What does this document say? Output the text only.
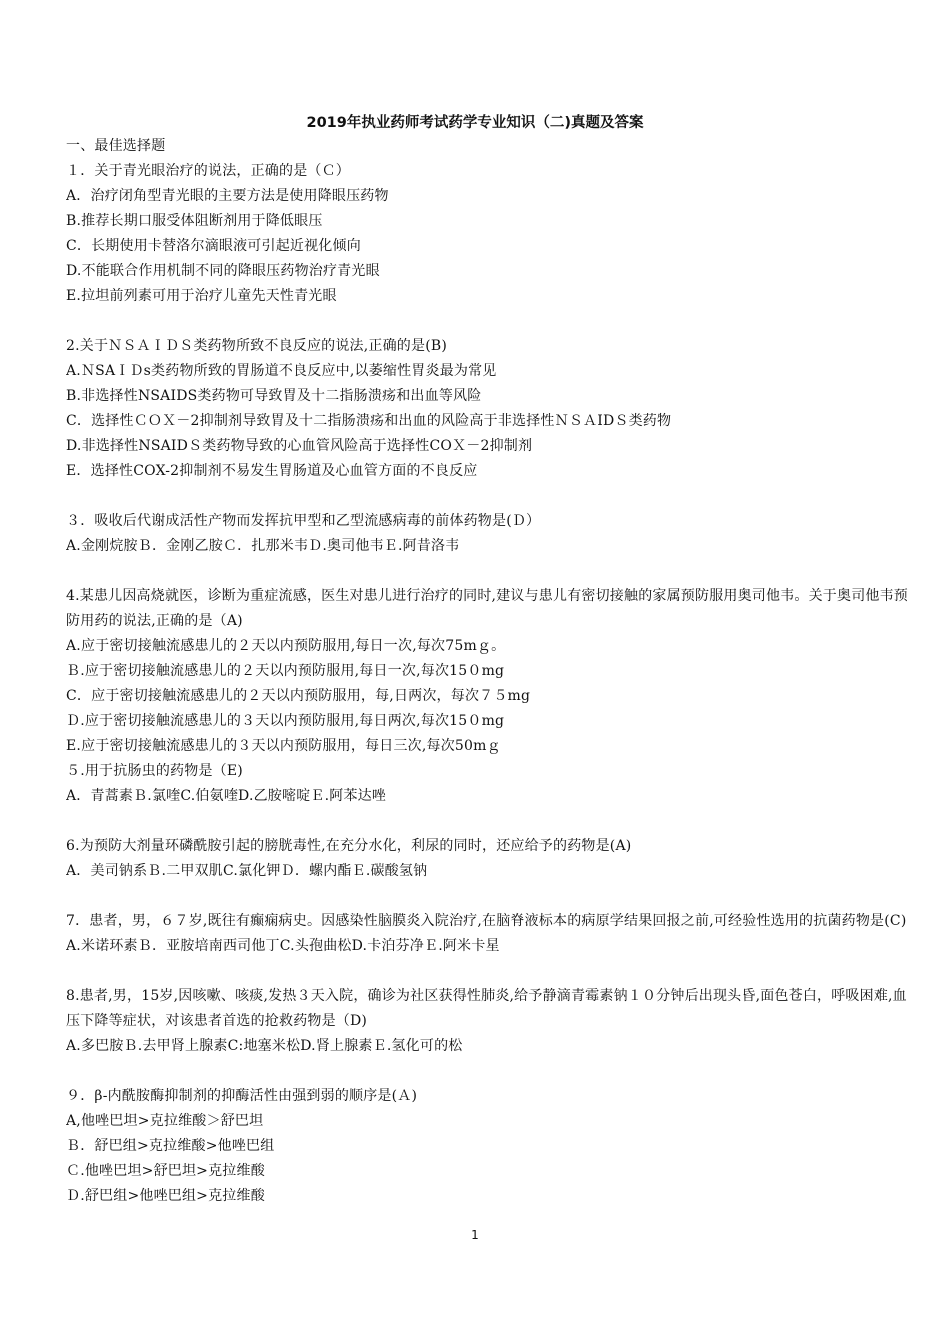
2019年执业药师考试药学专业知识（二)真题及答案
一、最佳选择题
１．关于青光眼治疗的说法，正确的是（Ｃ）
A．治疗闭角型青光眼的主要方法是使用降眼压药物
B.推荐长期口服受体阻断剂用于降低眼压
C．长期使用卡替洛尔滴眼液可引起近视化倾向
D.不能联合作用机制不同的降眼压药物治疗青光眼
E.拉坦前列素可用于治疗儿童先天性青光眼
2.关于ＮＳＡＩＤＳ类药物所致不良反应的说法,正确的是(B)
A.ＮSAＩＤs类药物所致的胃肠道不良反应中,以萎缩性胃炎最为常见
B.非选择性NSAIDS类药物可导致胃及十二指肠溃疡和出血等风险
C．选择性ＣＯＸ－2抑制剂导致胃及十二指肠溃疡和出血的风险高于非选择性ＮＳＡIDＳ类药物
D.非选择性NSAIDＳ类药物导致的心血管风险高于选择性COＸ－2抑制剂
E．选择性COX-2抑制剂不易发生胃肠道及心血管方面的不良反应
３．吸收后代谢成活性产物而发挥抗甲型和乙型流感病毒的前体药物是(Ｄ）
A.金刚烷胺Ｂ．金刚乙胺Ｃ．扎那米韦Ｄ.奥司他韦Ｅ.阿昔洛韦
4.某患儿因高烧就医，诊断为重症流感，医生对患儿进行治疗的同时,建议与患儿有密切接触的家属预防服用奥司他韦。关于奥司他韦预防用药的说法,正确的是（A)
A.应于密切接触流感患儿的２天以内预防服用,每日一次,每次75mｇ。
Ｂ.应于密切接触流感患儿的２天以内预防服用,每日一次,每次15０mg
C．应于密切接触流感患儿的２天以内预防服用，每,日两次，每次７５mg
Ｄ.应于密切接触流感患儿的３天以内预防服用,每日两次,每次15０mg
E.应于密切接触流感患儿的３天以内预防服用，每日三次,每次50mｇ
５.用于抗肠虫的药物是（E)
A．青蒿素Ｂ.氯喹C.伯氨喹D.乙胺嘧啶Ｅ.阿苯达唑
6.为预防大剂量环磷酰胺引起的膀胱毒性,在充分水化，利尿的同时，还应给予的药物是(A)
A．美司钠系Ｂ.二甲双肌C.氯化钾Ｄ．螺内酯Ｅ.碳酸氢钠
7．患者，男，６７岁,既往有癫痫病史。因感染性脑膜炎入院治疗,在脑脊液标本的病原学结果回报之前,可经验性选用的抗菌药物是(C)
A.米诺环素Ｂ．亚胺培南西司他丁C.头孢曲松D.卡泊芬净Ｅ.阿米卡星
8.患者,男，15岁,因咳嗽、咳痰,发热３天入院，确诊为社区获得性肺炎,给予静滴青霉素钠１０分钟后出现头昏,面色苍白，呼吸困难,血压下降等症状，对该患者首选的抢救药物是（D)
A.多巴胺Ｂ.去甲肾上腺素C:地塞米松D.肾上腺素Ｅ.氢化可的松
９．β-内酰胺酶抑制剂的抑酶活性由强到弱的顺序是(Ａ)
A,他唑巴坦>克拉维酸＞舒巴坦
Ｂ．舒巴组>克拉维酸>他唑巴组
Ｃ.他唑巴坦>舒巴坦>克拉维酸
Ｄ.舒巴组>他唑巴组>克拉维酸
1
